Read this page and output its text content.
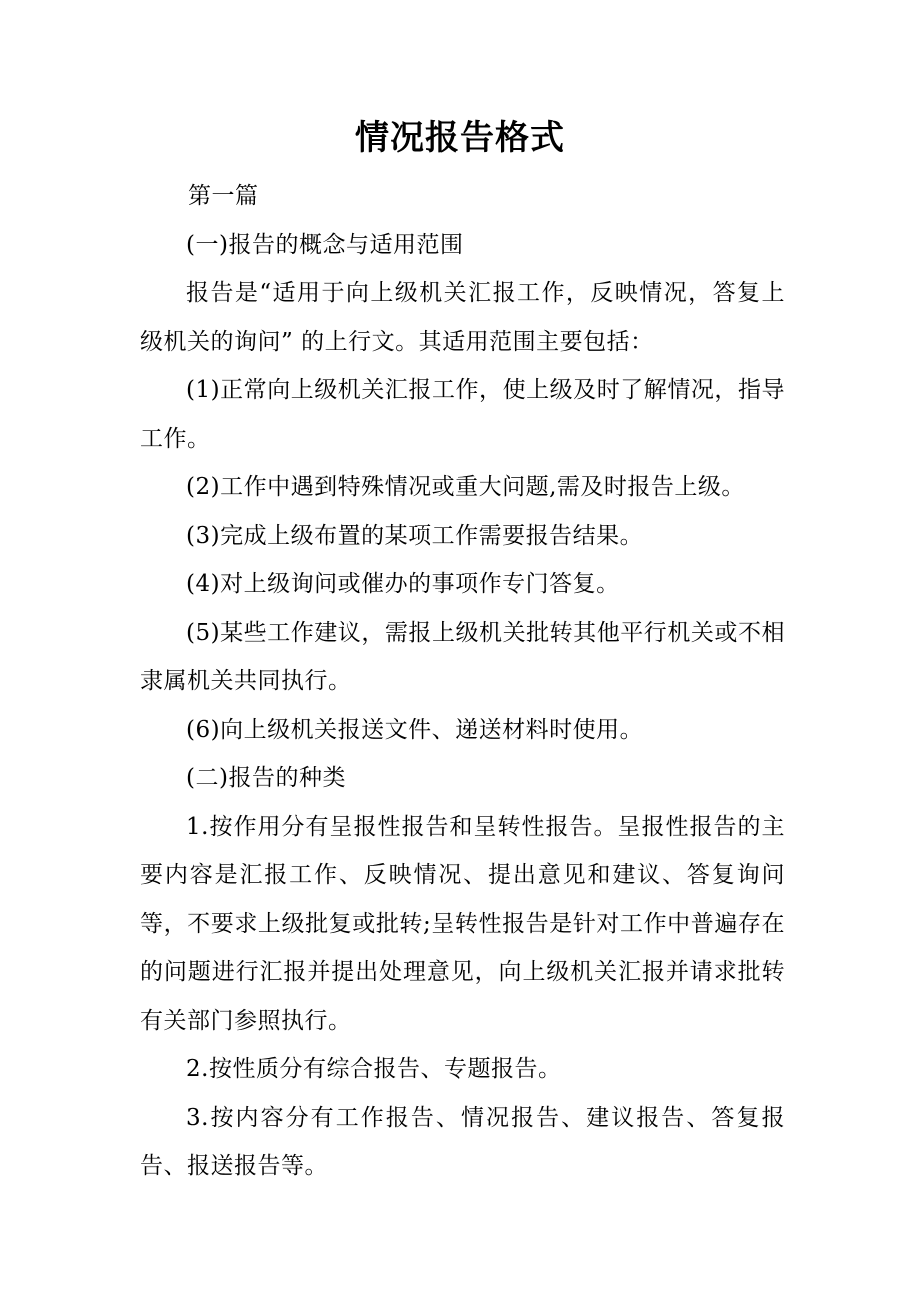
情况报告格式

第一篇

(一)报告的概念与适用范围

报告是“适用于向上级机关汇报工作，反映情况，答复上级机关的询问” 的上行文。其适用范围主要包括：

(1)正常向上级机关汇报工作，使上级及时了解情况，指导工作。

(2)工作中遇到特殊情况或重大问题,需及时报告上级。

(3)完成上级布置的某项工作需要报告结果。

(4)对上级询问或催办的事项作专门答复。

(5)某些工作建议，需报上级机关批转其他平行机关或不相隶属机关共同执行。

(6)向上级机关报送文件、递送材料时使用。

(二)报告的种类

1.按作用分有呈报性报告和呈转性报告。呈报性报告的主要内容是汇报工作、反映情况、提出意见和建议、答复询问等，不要求上级批复或批转;呈转性报告是针对工作中普遍存在的问题进行汇报并提出处理意见，向上级机关汇报并请求批转有关部门参照执行。

2.按性质分有综合报告、专题报告。

3.按内容分有工作报告、情况报告、建议报告、答复报告、报送报告等。
